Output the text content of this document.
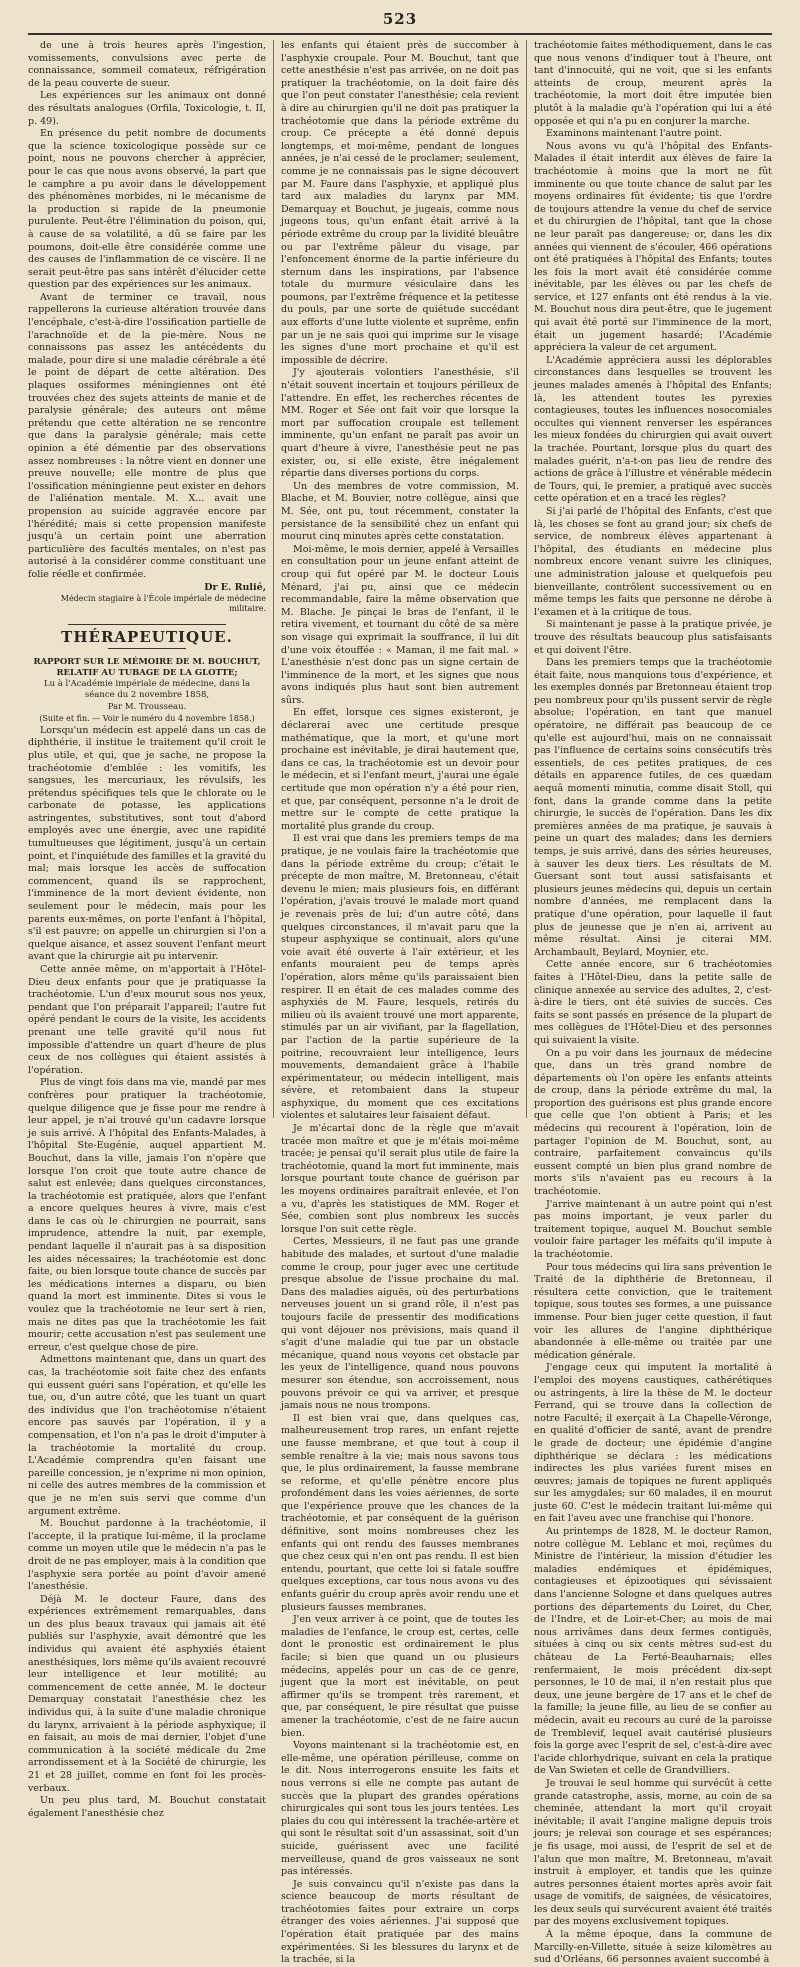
523

de une à trois heures après l'ingestion, vomissements, convulsions avec perte de connaissance, sommeil comateux, réfrigération de la peau couverte de sueur.

Les expériences sur les animaux ont donné des résultats analogues (Orfila, Toxicologie, t. II, p. 49).

En présence du petit nombre de documents que la science toxicologique possède sur ce point, nous ne pouvons chercher à apprécier, pour le cas que nous avons observé, la part que le camphre a pu avoir dans le développement des phénomènes morbides, ni le mécanisme de la production si rapide de la pneumonie purulente. Peut-être l'élimination du poison, qui, à cause de sa volatilité, a dû se faire par les poumons, doit-elle être considérée comme une des causes de l'inflammation de ce viscère. Il ne serait peut-être pas sans intérêt d'élucider cette question par des expériences sur les animaux.

Avant de terminer ce travail, nous rappellerons la curieuse altération trouvée dans l'encéphale, c'est-à-dire l'ossification partielle de l'arachnoïde et de la pie-mère. Nous ne connaissons pas assez les antécédents du malade, pour dire si une maladie cérébrale a été le point de départ de cette altération. Des plaques ossiformes méningiennes ont été trouvées chez des sujets atteints de manie et de paralysie générale; des auteurs ont même prétendu que cette altération ne se rencontre que dans la paralysie générale; mais cette opinion a été démentie par des observations assez nombreuses : la nôtre vient en donner une preuve nouvelle; elle montre de plus que l'ossification méningienne peut exister en dehors de l'aliénation mentale. M. X... avait une propension au suicide aggravée encore par l'hérédité; mais si cette propension manifeste jusqu'à un certain point une aberration particulière des facultés mentales, on n'est pas autorisé à la considérer comme constituant une folie réelle et confirmée.

Dr E. Rulié,

Médecin stagiaire à l'École impériale de médecine militaire.

THÉRAPEUTIQUE.

RAPPORT SUR LE MÉMOIRE DE M. BOUCHUT, RELATIF AU TUBAGE DE LA GLOTTE;

Lu à l'Académie impériale de médecine, dans la séance du 2 novembre 1858,

Par M. Trousseau.

(Suite et fin. — Voir le numéro du 4 novembre 1858.)

Lorsqu'un médecin est appelé dans un cas de diphthérie, il institue le traitement qu'il croit le plus utile, et qui, que je sache, ne propose la trachéotomie d'emblée : les vomitifs, les sangsues, les mercuriaux, les révulsifs, les prétendus spécifiques tels que le chlorate ou le carbonate de potasse, les applications astringentes, substitutives, sont tout d'abord employés avec une énergie, avec une rapidité tumultueuses que légitiment, jusqu'à un certain point, et l'inquiétude des familles et la gravité du mal; mais lorsque les accès de suffocation commencent, quand ils se rapprochent, l'imminence de la mort devient évidente, non seulement pour le médecin, mais pour les parents eux-mêmes, on porte l'enfant à l'hôpital, s'il est pauvre; on appelle un chirurgien si l'on a quelque aisance, et assez souvent l'enfant meurt avant que la chirurgie ait pu intervenir.

Cette année même, on m'apportait à l'Hôtel-Dieu deux enfants pour que je pratiquasse la trachéotomie. L'un d'eux mourut sous nos yeux, pendant que l'on préparait l'appareil; l'autre fut opéré pendant le cours de la visite, les accidents prenant une telle gravité qu'il nous fut impossible d'attendre un quart d'heure de plus ceux de nos collègues qui étaient assistés à l'opération.

Plus de vingt fois dans ma vie, mandé par mes confrères pour pratiquer la trachéotomie, quelque diligence que je fisse pour me rendre à leur appel, je n'ai trouvé qu'un cadavre lorsque je suis arrivé. À l'hôpital des Enfants-Malades, à l'hôpital Ste-Eugénie, auquel appartient M. Bouchut, dans la ville, jamais l'on n'opère que lorsque l'on croit que toute autre chance de salut est enlevée; dans quelques circonstances, la trachéotomie est pratiquée, alors que l'enfant a encore quelques heures à vivre, mais c'est dans le cas où le chirurgien ne pourrait, sans imprudence, attendre la nuit, par exemple, pendant laquelle il n'aurait pas à sa disposition les aides nécessaires; la trachéotomie est donc faite, ou bien lorsque toute chance de succès par les médications internes a disparu, ou bien quand la mort est imminente. Dites si vous le voulez que la trachéotomie ne leur sert à rien, mais ne dites pas que la trachéotomie les fait mourir; cette accusation n'est pas seulement une erreur, c'est quelque chose de pire.

Admettons maintenant que, dans un quart des cas, la trachéotomie soit faite chez des enfants qui eussent guéri sans l'opération, et qu'elle les tue, ou, d'un autre côté, que les tuant un quart des individus que l'on trachéotomise n'étaient encore pas sauvés par l'opération, il y a compensation, et l'on n'a pas le droit d'imputer à la trachéotomie la mortalité du croup. L'Académie comprendra qu'en faisant une pareille concession, je n'exprime ni mon opinion, ni celle des autres membres de la commission et que je ne m'en suis servi que comme d'un argument extrême.

M. Bouchut pardonne à la trachéotomie, il l'accepte, il la pratique lui-même, il la proclame comme un moyen utile que le médecin n'a pas le droit de ne pas employer, mais à la condition que l'asphyxie sera portée au point d'avoir amené l'anesthésie.

Déjà M. le docteur Faure, dans des expériences extrêmement remarquables, dans un des plus beaux travaux qui jamais ait été publiés sur l'asphyxie, avait démontré que les individus qui avaient été asphyxiés étaient anesthésiques, lors même qu'ils avaient recouvré leur intelligence et leur motilité; au commencement de cette année, M. le docteur Demarquay constatait l'anesthésie chez les individus qui, à la suite d'une maladie chronique du larynx, arrivaient à la période asphyxique; il en faisait, au mois de mai dernier, l'objet d'une communication à la société médicale du 2me arrondissement et à la Société de chirurgie, les 21 et 28 juillet, comme en font foi les procès-verbaux.

Un peu plus tard, M. Bouchut constatait également l'anesthésie chez

les enfants qui étaient près de succomber à l'asphyxie croupale. Pour M. Bouchut, tant que cette anesthésie n'est pas arrivée, on ne doit pas pratiquer la trachéotomie, on la doit faire dès que l'on peut constater l'anesthésie; cela revient à dire au chirurgien qu'il ne doit pas pratiquer la trachéotomie que dans la période extrême du croup. Ce précepte a été donné depuis longtemps, et moi-même, pendant de longues années, je n'ai cessé de le proclamer; seulement, comme je ne connaissais pas le signe découvert par M. Faure dans l'asphyxie, et appliqué plus tard aux maladies du larynx par MM. Demarquay et Bouchut, je jugeais, comme nous jugeons tous, qu'un enfant était arrivé à la période extrême du croup par la lividité bleuâtre ou par l'extrême pâleur du visage, par l'enfoncement énorme de la partie inférieure du sternum dans les inspirations, par l'absence totale du murmure vésiculaire dans les poumons, par l'extrême fréquence et la petitesse du pouls, par une sorte de quiétude succédant aux efforts d'une lutte violente et suprême, enfin par un je ne sais quoi qui imprime sur le visage les signes d'une mort prochaine et qu'il est impossible de décrire.

J'y ajouterais volontiers l'anesthésie, s'il n'était souvent incertain et toujours périlleux de l'attendre. En effet, les recherches récentes de MM. Roger et Sée ont fait voir que lorsque la mort par suffocation croupale est tellement imminente, qu'un enfant ne paraît pas avoir un quart d'heure à vivre, l'anesthésie peut ne pas exister, ou, si elle existe, être inégalement répartie dans diverses portions du corps.

Un des membres de votre commission, M. Blache, et M. Bouvier, notre collègue, ainsi que M. Sée, ont pu, tout récemment, constater la persistance de la sensibilité chez un enfant qui mourut cinq minutes après cette constatation.

Moi-même, le mois dernier, appelé à Versailles en consultation pour un jeune enfant atteint de croup qui fut opéré par M. le docteur Louis Ménard, j'ai pu, ainsi que ce médecin recommandable, faire la même observation que M. Blache. Je pinçai le bras de l'enfant, il le retira vivement, et tournant du côté de sa mère son visage qui exprimait la souffrance, il lui dit d'une voix étouffée : « Maman, il me fait mal. » L'anesthésie n'est donc pas un signe certain de l'imminence de la mort, et les signes que nous avons indiqués plus haut sont bien autrement sûrs.

En effet, lorsque ces signes existeront, je déclarerai avec une certitude presque mathématique, que la mort, et qu'une mort prochaine est inévitable, je dirai hautement que, dans ce cas, la trachéotomie est un devoir pour le médecin, et si l'enfant meurt, j'aurai une égale certitude que mon opération n'y a été pour rien, et que, par conséquent, personne n'a le droit de mettre sur le compte de cette pratique la mortalité plus grande du croup.

Il est vrai que dans les premiers temps de ma pratique, je ne voulais faire la trachéotomie que dans la période extrême du croup; c'était le précepte de mon maître, M. Bretonneau, c'était devenu le mien; mais plusieurs fois, en différant l'opération, j'avais trouvé le malade mort quand je revenais près de lui; d'un autre côté, dans quelques circonstances, il m'avait paru que la stupeur asphyxique se continuait, alors qu'une voie avait été ouverte à l'air extérieur, et les enfants mouraient peu de temps après l'opération, alors même qu'ils paraissaient bien respirer. Il en était de ces malades comme des asphyxiés de M. Faure, lesquels, retirés du milieu où ils avaient trouvé une mort apparente, stimulés par un air vivifiant, par la flagellation, par l'action de la partie supérieure de la poitrine, recouvraient leur intelligence, leurs mouvements, demandaient grâce à l'habile expérimentateur, ou médecin intelligent, mais sévère, et retombaient dans la stupeur asphyxique, du moment que ces excitations violentes et salutaires leur faisaient défaut.

Je m'écartai donc de la règle que m'avait tracée mon maître et que je m'étais moi-même tracée; je pensai qu'il serait plus utile de faire la trachéotomie, quand la mort fut imminente, mais lorsque pourtant toute chance de guérison par les moyens ordinaires paraîtrait enlevée, et l'on a vu, d'après les statistiques de MM. Roger et Sée, combien sont plus nombreux les succès lorsque l'on suit cette règle.

Certes, Messieurs, il ne faut pas une grande habitude des malades, et surtout d'une maladie comme le croup, pour juger avec une certitude presque absolue de l'issue prochaine du mal. Dans des maladies aiguës, où des perturbations nerveuses jouent un si grand rôle, il n'est pas toujours facile de pressentir des modifications qui vont déjouer nos prévisions, mais quand il s'agit d'une maladie qui tue par un obstacle mécanique, quand nous voyons cet obstacle par les yeux de l'intelligence, quand nous pouvons mesurer son étendue, son accroissement, nous pouvons prévoir ce qui va arriver, et presque jamais nous ne nous trompons.

Il est bien vrai que, dans quelques cas, malheureusement trop rares, un enfant rejette une fausse membrane, et que tout à coup il semble renaître à la vie; mais nous savons tous que, le plus ordinairement, la fausse membrane se reforme, et qu'elle pénètre encore plus profondément dans les voies aériennes, de sorte que l'expérience prouve que les chances de la trachéotomie, et par conséquent de la guérison définitive, sont moins nombreuses chez les enfants qui ont rendu des fausses membranes que chez ceux qui n'en ont pas rendu. Il est bien entendu, pourtant, que cette loi si fatale souffre quelques exceptions, car tous nous avons vu des enfants guérir du croup après avoir rendu une et plusieurs fausses membranes.

J'en veux arriver à ce point, que de toutes les maladies de l'enfance, le croup est, certes, celle dont le pronostic est ordinairement le plus facile; si bien que quand un ou plusieurs médecins, appelés pour un cas de ce genre, jugent que la mort est inévitable, on peut affirmer qu'ils se trompent très rarement, et que, par conséquent, le pire résultat que puisse amener la trachéotomie, c'est de ne faire aucun bien.

Voyons maintenant si la trachéotomie est, en elle-même, une opération périlleuse, comme on le dit. Nous interrogerons ensuite les faits et nous verrons si elle ne compte pas autant de succès que la plupart des grandes opérations chirurgicales qui sont tous les jours tentées. Les plaies du cou qui intéressent la trachée-artère et qui sont le résultat soit d'un assassinat, soit d'un suicide, guérissent avec une facilité merveilleuse, quand de gros vaisseaux ne sont pas intéressés.

Je suis convaincu qu'il n'existe pas dans la science beaucoup de morts résultant de trachéotomies faites pour extraire un corps étranger des voies aériennes. J'ai supposé que l'opération était pratiquée par des mains expérimentées. Si les blessures du larynx et de la trachée, si la

trachéotomie faites méthodiquement, dans le cas que nous venons d'indiquer tout à l'heure, ont tant d'innocuité, qui ne voit, que si les enfants atteints de croup, meurent après la trachéotomie, la mort doit être imputée bien plutôt à la maladie qu'à l'opération qui lui a été opposée et qui n'a pu en conjurer la marche.

Examinons maintenant l'autre point.

Nous avons vu qu'à l'hôpital des Enfants-Malades il était interdit aux élèves de faire la trachéotomie à moins que la mort ne fût imminente ou que toute chance de salut par les moyens ordinaires fût évidente; tis que l'ordre de toujours attendre la venue du chef de service et du chirurgien de l'hôpital, tant que la chose ne leur paraît pas dangereuse; or, dans les dix années qui viennent de s'écouler, 466 opérations ont été pratiquées à l'hôpital des Enfants; toutes les fois la mort avait été considérée comme inévitable, par les élèves ou par les chefs de service, et 127 enfants ont été rendus à la vie. M. Bouchut nous dira peut-être, que le jugement qui avait été porté sur l'imminence de la mort, était un jugement hasardé; l'Académie appréciera la valeur de cet argument.

L'Académie appréciera aussi les déplorables circonstances dans lesquelles se trouvent les jeunes malades amenés à l'hôpital des Enfants; là, les attendent toutes les pyrexies contagieuses, toutes les influences nosocomiales occultes qui viennent renverser les espérances les mieux fondées du chirurgien qui avait ouvert la trachée. Pourtant, lorsque plus du quart des malades guérit, n'a-t-on pas lieu de rendre des actions de grâce à l'illustre et vénérable médecin de Tours, qui, le premier, a pratiqué avec succès cette opération et en a tracé les règles?

Si j'ai parlé de l'hôpital des Enfants, c'est que là, les choses se font au grand jour; six chefs de service, de nombreux élèves appartenant à l'hôpital, des étudiants en médecine plus nombreux encore venant suivre les cliniques, une administration jalouse et quelquefois peu bienveillante, contrôlent successivement ou en même temps les faits que personne ne dérobe à l'examen et à la critique de tous.

Si maintenant je passe à la pratique privée, je trouve des résultats beaucoup plus satisfaisants et qui doivent l'être.

Dans les premiers temps que la trachéotomie était faite, nous manquions tous d'expérience, et les exemples donnés par Bretonneau étaient trop peu nombreux pour qu'ils pussent servir de règle absolue; l'opération, en tant que manuel opératoire, ne différait pas beaucoup de ce qu'elle est aujourd'hui, mais on ne connaissait pas l'influence de certains soins consécutifs très essentiels, de ces petites pratiques, de ces détails en apparence futiles, de ces quædam aequâ momenti minutia, comme disait Stoll, qui font, dans la grande comme dans la petite chirurgie, le succès de l'opération. Dans les dix premières années de ma pratique, je sauvais à peine un quart des malades; dans les derniers temps, je suis arrivé, dans des séries heureuses, à sauver les deux tiers. Les résultats de M. Guersant sont tout aussi satisfaisants et plusieurs jeunes médecins qui, depuis un certain nombre d'années, me remplacent dans la pratique d'une opération, pour laquelle il faut plus de jeunesse que je n'en ai, arrivent au même résultat. Ainsi je citerai MM. Archambault, Beylard, Moynier, etc.

Cette année encore, sur 6 trachéotomies faites à l'Hôtel-Dieu, dans la petite salle de clinique annexée au service des adultes, 2, c'est-à-dire le tiers, ont été suivies de succès. Ces faits se sont passés en présence de la plupart de mes collègues de l'Hôtel-Dieu et des personnes qui suivaient la visite.

On a pu voir dans les journaux de médecine que, dans un très grand nombre de départements où l'on opère les enfants atteints de croup, dans la période extrême du mal, la proportion des guérisons est plus grande encore que celle que l'on obtient à Paris; et les médecins qui recourent à l'opération, loin de partager l'opinion de M. Bouchut, sont, au contraire, parfaitement convaincus qu'ils eussent compté un bien plus grand nombre de morts s'ils n'avaient pas eu recours à la trachéotomie.

J'arrive maintenant à un autre point qui n'est pas moins important, je veux parler du traitement topique, auquel M. Bouchut semble vouloir faire partager les méfaits qu'il impute à la trachéotomie.

Pour tous médecins qui lira sans prévention le Traité de la diphthérie de Bretonneau, il résultera cette conviction, que le traitement topique, sous toutes ses formes, a une puissance immense. Pour bien juger cette question, il faut voir les allures de l'angine diphthérique abandonnée à elle-même ou traitée par une médication générale.

J'engage ceux qui imputent la mortalité à l'emploi des moyens caustiques, cathérétiques ou astringents, à lire la thèse de M. le docteur Ferrand, qui se trouve dans la collection de notre Faculté; il exerçait à La Chapelle-Véronge, en qualité d'officier de santé, avant de prendre le grade de docteur; une épidémie d'angine diphthérique se déclara : les médications indirectes les plus variées furent mises en œuvres; jamais de topiques ne furent appliqués sur les amygdales; sur 60 malades, il en mourut juste 60. C'est le médecin traitant lui-même qui en fait l'aveu avec une franchise qui l'honore.

Au printemps de 1828, M. le docteur Ramon, notre collègue M. Leblanc et moi, reçûmes du Ministre de l'intérieur, la mission d'étudier les maladies endémiques et épidémiques, contagieuses et épizootiques qui sévissaient dans l'ancienne Sologne et dans quelques autres portions des départements du Loiret, du Cher, de l'Indre, et de Loir-et-Cher; au mois de mai nous arrivâmes dans deux fermes contiguës, situées à cinq ou six cents mètres sud-est du château de La Ferté-Beauharnais; elles renfermaient, le mois précédent dix-sept personnes, le 10 de mai, il n'en restait plus que deux, une jeune bergère de 17 ans et le chef de la famille; la jeune fille, au lieu de se confier au médecin, avait eu recours au curé de la paroisse de Tremblevif, lequel avait cautérisé plusieurs fois la gorge avec l'esprit de sel, c'est-à-dire avec l'acide chlorhydrique, suivant en cela la pratique de Van Swieten et celle de Grandvilliers.

Je trouvai le seul homme qui survécût à cette grande catastrophe, assis, morne, au coin de sa cheminée, attendant la mort qu'il croyait inévitable; il avait l'angine maligne depuis trois jours; je relevai son courage et ses espérances; je fis usage, moi aussi, de l'esprit de sel et de l'alun que mon maître, M. Bretonneau, m'avait instruit à employer, et tandis que les quinze autres personnes étaient mortes après avoir fait usage de vomitifs, de saignées, de vésicatoires, les deux seuls qui survécurent avaient été traités par des moyens exclusivement topiques.

À la même époque, dans la commune de Marcilly-en-Villette, située à seize kilomètres au sud d'Orléans, 66 personnes avaient succombé à
